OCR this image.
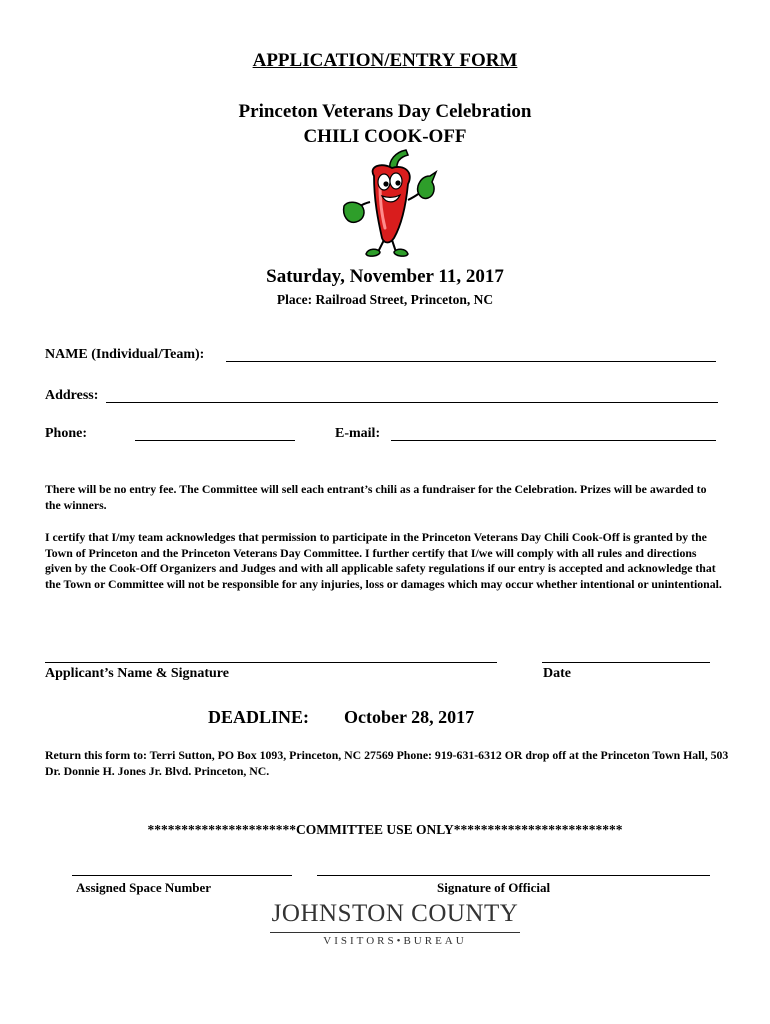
APPLICATION/ENTRY FORM
Princeton Veterans Day Celebration
CHILI COOK-OFF
Saturday, November 11, 2017
Place: Railroad Street, Princeton, NC
NAME (Individual/Team):
Address:
Phone:	E-mail:
There will be no entry fee. The Committee will sell each entrant’s chili as a fundraiser for the Celebration. Prizes will be awarded to the winners.
I certify that I/my team acknowledges that permission to participate in the Princeton Veterans Day Chili Cook-Off is granted by the Town of Princeton and the Princeton Veterans Day Committee. I further certify that I/we will comply with all rules and directions given by the Cook-Off Organizers and Judges and with all applicable safety regulations if our entry is accepted and acknowledge that the Town or Committee will not be responsible for any injuries, loss or damages which may occur whether intentional or unintentional.
Applicant’s Name & Signature	Date
DEADLINE: October 28, 2017
Return this form to: Terri Sutton, PO Box 1093, Princeton, NC 27569 Phone: 919-631-6312 OR drop off at the Princeton Town Hall, 503 Dr. Donnie H. Jones Jr. Blvd. Princeton, NC.
**********************COMMITTEE USE ONLY*************************
Assigned Space Number	Signature of Official
JOHNSTON COUNTY
VISITORS•BUREAU
